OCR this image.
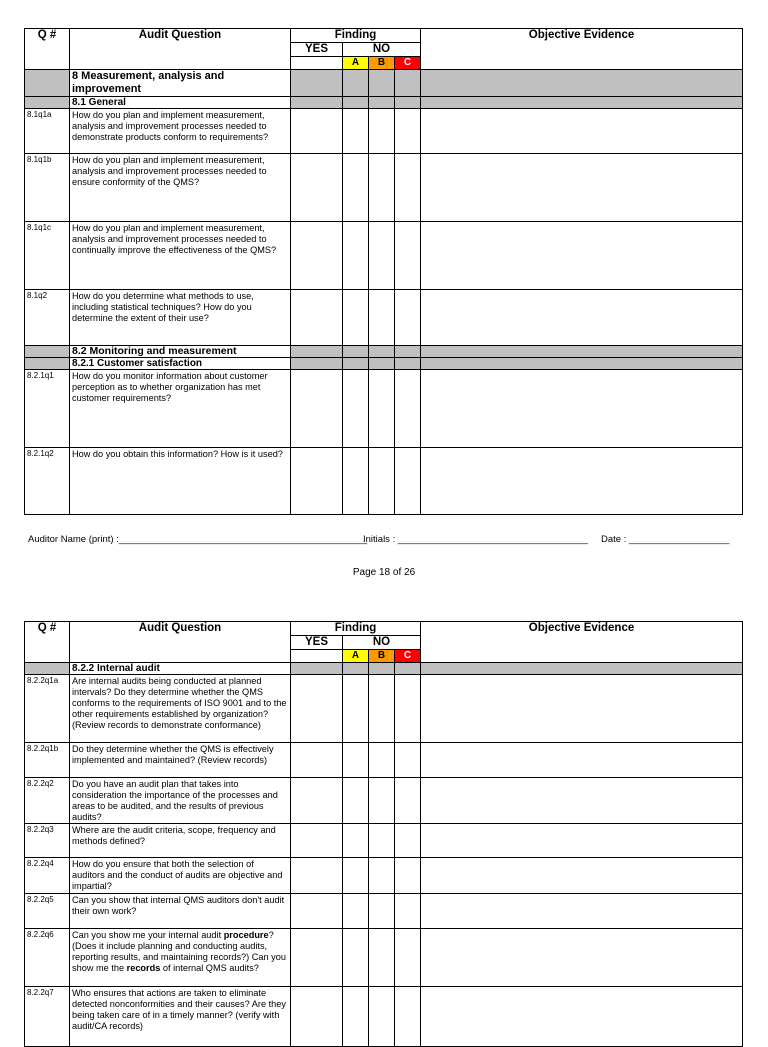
Q #	Audit Question	Finding				Objective Evidence
		YES	NO			
			A	B	C	
	8 Measurement, analysis and improvement					
	8.1 General					
8.1q1a	How do you plan and implement measurement, analysis and improvement processes needed to demonstrate products conform to requirements?					
8.1q1b	How do you plan and implement measurement, analysis and improvement processes needed to ensure conformity of the QMS?					
8.1q1c	How do you plan and implement measurement, analysis and improvement processes needed to continually improve the effectiveness of the QMS?					
8.1q2	How do you determine what methods to use, including statistical techniques? How do you determine the extent of their use?					
	8.2 Monitoring and measurement					
	8.2.1 Customer satisfaction					
8.2.1q1	How do you monitor information about customer perception as to whether organization has met customer requirements?					
8.2.1q2	How do you obtain this information? How is it used?					
Auditor Name (print) :_______________________________________________
Initials : ____________________________________ Date : ___________________
Page 18 of 26
Q #	Audit Question	Finding				Objective Evidence
		YES	NO			
			A	B	C	
	8.2.2 Internal audit					
8.2.2q1a	Are internal audits being conducted at planned intervals? Do they determine whether the QMS conforms to the requirements of ISO 9001 and to the other requirements established by organization? (Review records to demonstrate conformance)					
8.2.2q1b	Do they determine whether the QMS is effectively implemented and maintained? (Review records)					
8.2.2q2	Do you have an audit plan that takes into consideration the importance of the processes and areas to be audited, and the results of previous audits?					
8.2.2q3	Where are the audit criteria, scope, frequency and methods defined?					
8.2.2q4	How do you ensure that both the selection of auditors and the conduct of audits are objective and impartial?					
8.2.2q5	Can you show that internal QMS auditors don't audit their own work?					
8.2.2q6	Can you show me your internal audit procedure? (Does it include planning and conducting audits, reporting results, and maintaining records?) Can you show me the records of internal QMS audits?					
8.2.2q7	Who ensures that actions are taken to eliminate detected nonconformities and their causes? Are they being taken care of in a timely manner? (verify with audit/CA records)					
